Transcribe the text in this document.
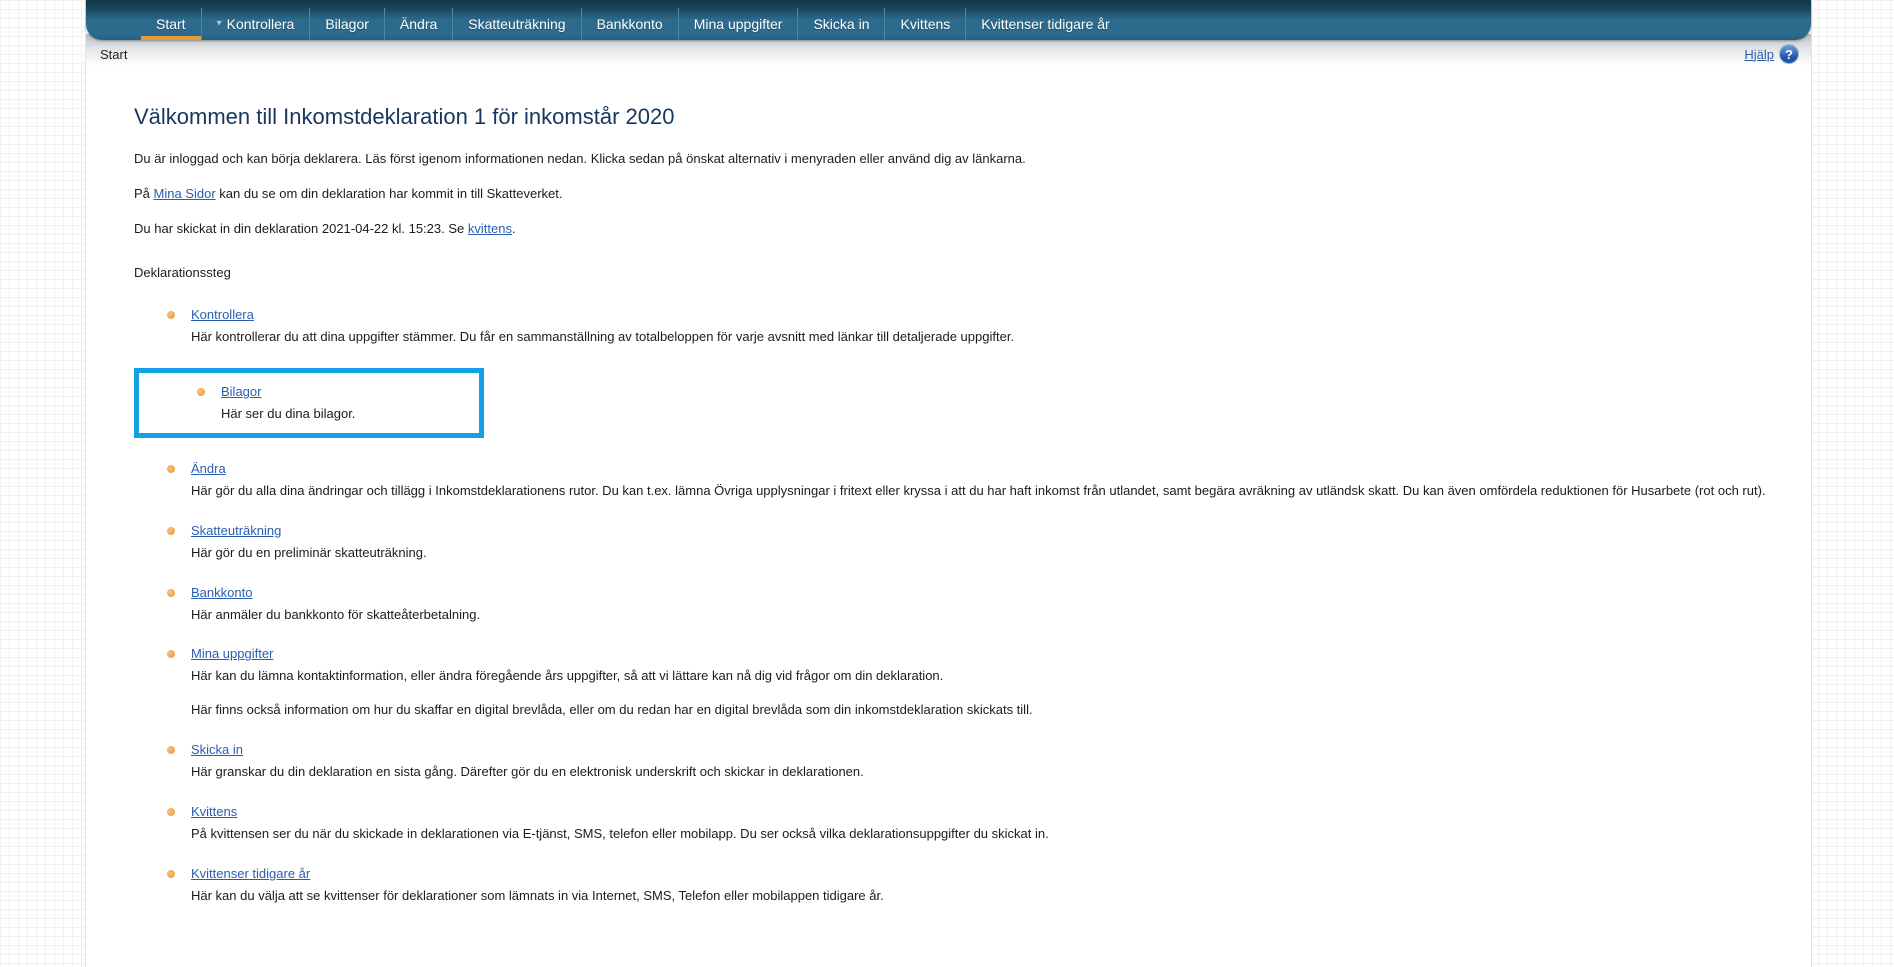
Start	▾ Kontrollera Bilagor Ändra Skatteuträkning Bankkonto Mina uppgifter Skicka in Kvittens Kvittenser tidigare år
Start	Hjälp ?
Välkommen till Inkomstdeklaration 1 för inkomstår 2020

Du är inloggad och kan börja deklarera. Läs först igenom informationen nedan. Klicka sedan på önskat alternativ i menyraden eller använd dig av länkarna.

På Mina Sidor kan du se om din deklaration har kommit in till Skatteverket.

Du har skickat in din deklaration 2021-04-22 kl. 15:23. Se kvittens.

Deklarationssteg

Kontrollera
Här kontrollerar du att dina uppgifter stämmer. Du får en sammanställning av totalbeloppen för varje avsnitt med länkar till detaljerade uppgifter.
Bilagor
Här ser du dina bilagor.
Ändra
Här gör du alla dina ändringar och tillägg i Inkomstdeklarationens rutor. Du kan t.ex. lämna Övriga upplysningar i fritext eller kryssa i att du har haft inkomst från utlandet, samt begära avräkning av utländsk skatt. Du kan även omfördela reduktionen för Husarbete (rot och rut).
Skatteuträkning
Här gör du en preliminär skatteuträkning.
Bankkonto
Här anmäler du bankkonto för skatteåterbetalning.
Mina uppgifter
Här kan du lämna kontaktinformation, eller ändra föregående års uppgifter, så att vi lättare kan nå dig vid frågor om din deklaration.
Här finns också information om hur du skaffar en digital brevlåda, eller om du redan har en digital brevlåda som din inkomstdeklaration skickats till.
Skicka in
Här granskar du din deklaration en sista gång. Därefter gör du en elektronisk underskrift och skickar in deklarationen.
Kvittens
På kvittensen ser du när du skickade in deklarationen via E-tjänst, SMS, telefon eller mobilapp. Du ser också vilka deklarationsuppgifter du skickat in.
Kvittenser tidigare år
Här kan du välja att se kvittenser för deklarationer som lämnats in via Internet, SMS, Telefon eller mobilappen tidigare år.
